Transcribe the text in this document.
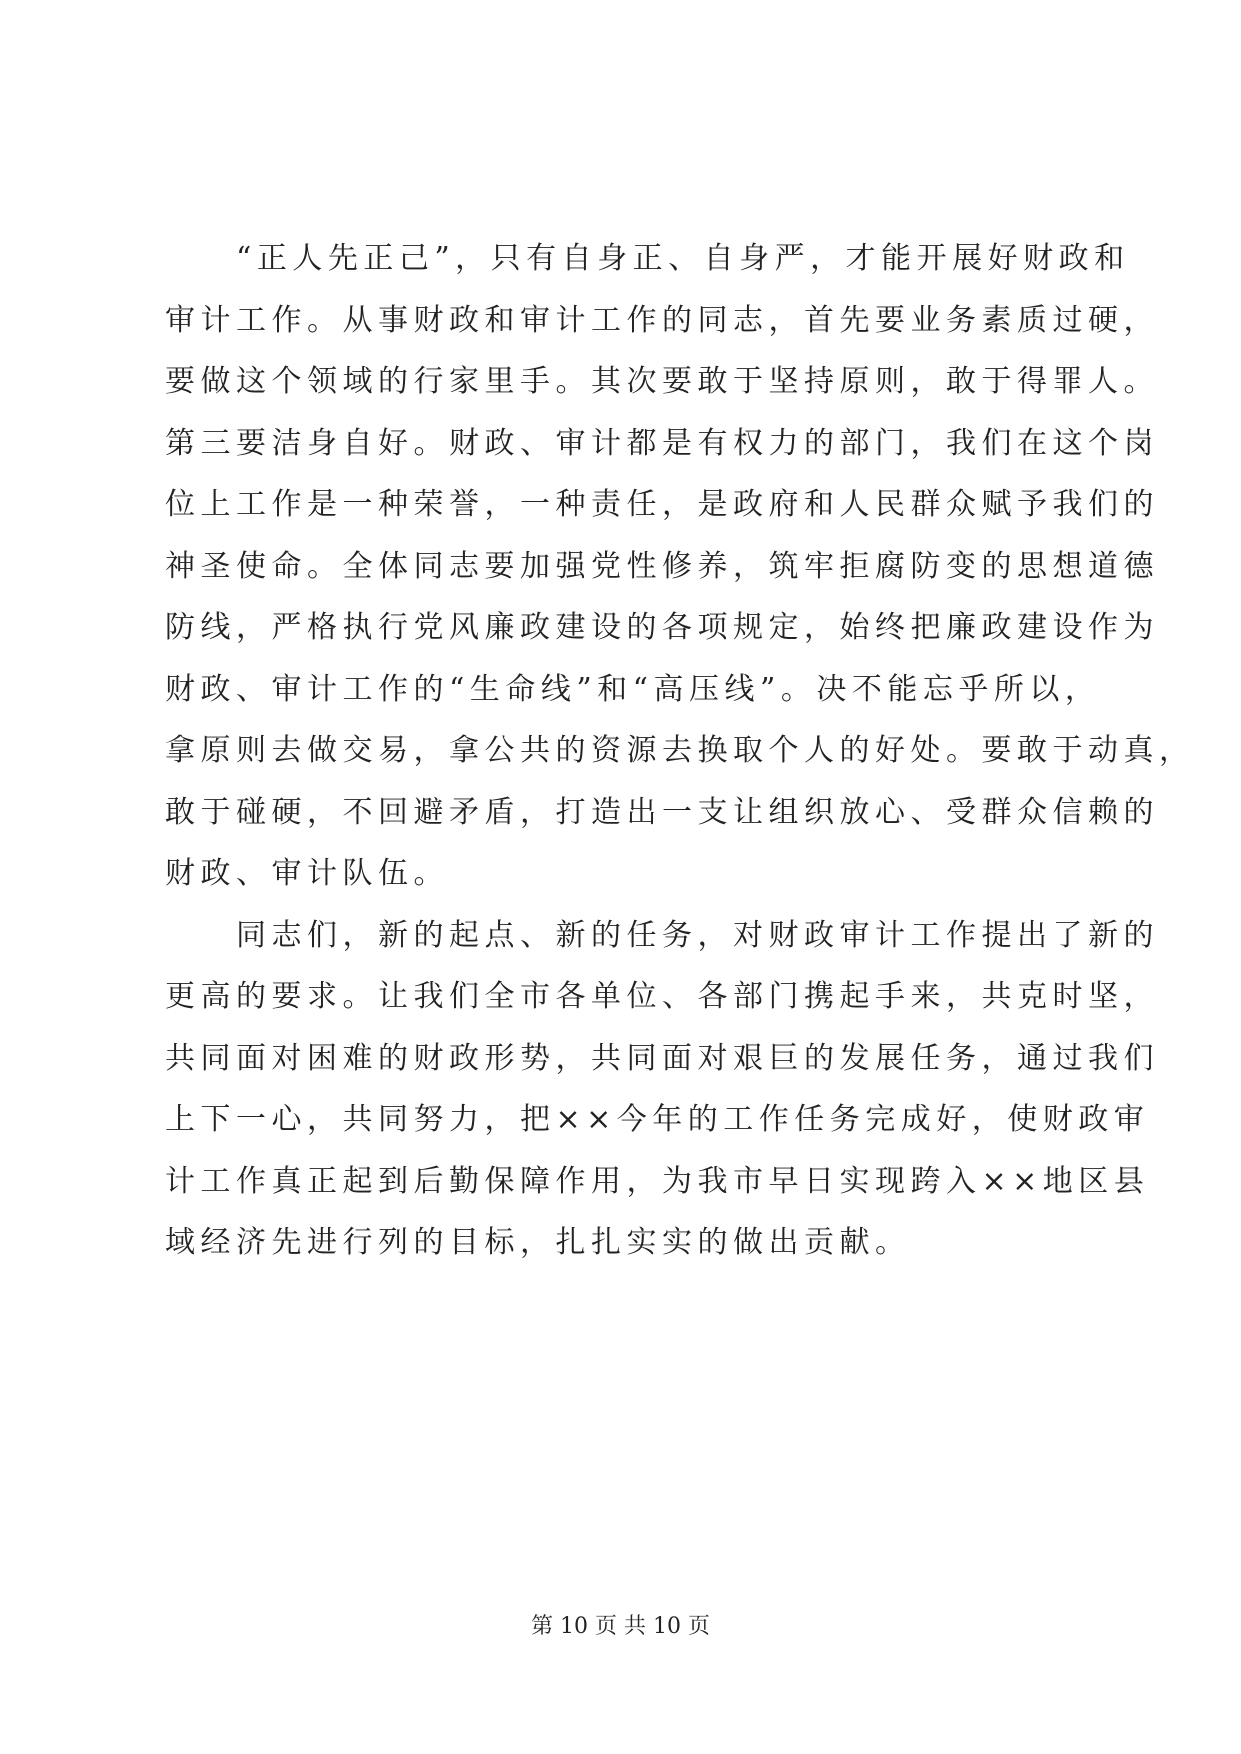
　　“正人先正己”，只有自身正、自身严，才能开展好财政和
审计工作。从事财政和审计工作的同志，首先要业务素质过硬，
要做这个领域的行家里手。其次要敢于坚持原则，敢于得罪人。
第三要洁身自好。财政、审计都是有权力的部门，我们在这个岗
位上工作是一种荣誉，一种责任，是政府和人民群众赋予我们的
神圣使命。全体同志要加强党性修养，筑牢拒腐防变的思想道德
防线，严格执行党风廉政建设的各项规定，始终把廉政建设作为
财政、审计工作的“生命线”和“高压线”。决不能忘乎所以，
拿原则去做交易，拿公共的资源去换取个人的好处。要敢于动真，
敢于碰硬，不回避矛盾，打造出一支让组织放心、受群众信赖的
财政、审计队伍。
　　同志们，新的起点、新的任务，对财政审计工作提出了新的
更高的要求。让我们全市各单位、各部门携起手来，共克时坚，
共同面对困难的财政形势，共同面对艰巨的发展任务，通过我们
上下一心，共同努力，把××今年的工作任务完成好，使财政审
计工作真正起到后勤保障作用，为我市早日实现跨入××地区县
域经济先进行列的目标，扎扎实实的做出贡献。
第 10 页 共 10 页
